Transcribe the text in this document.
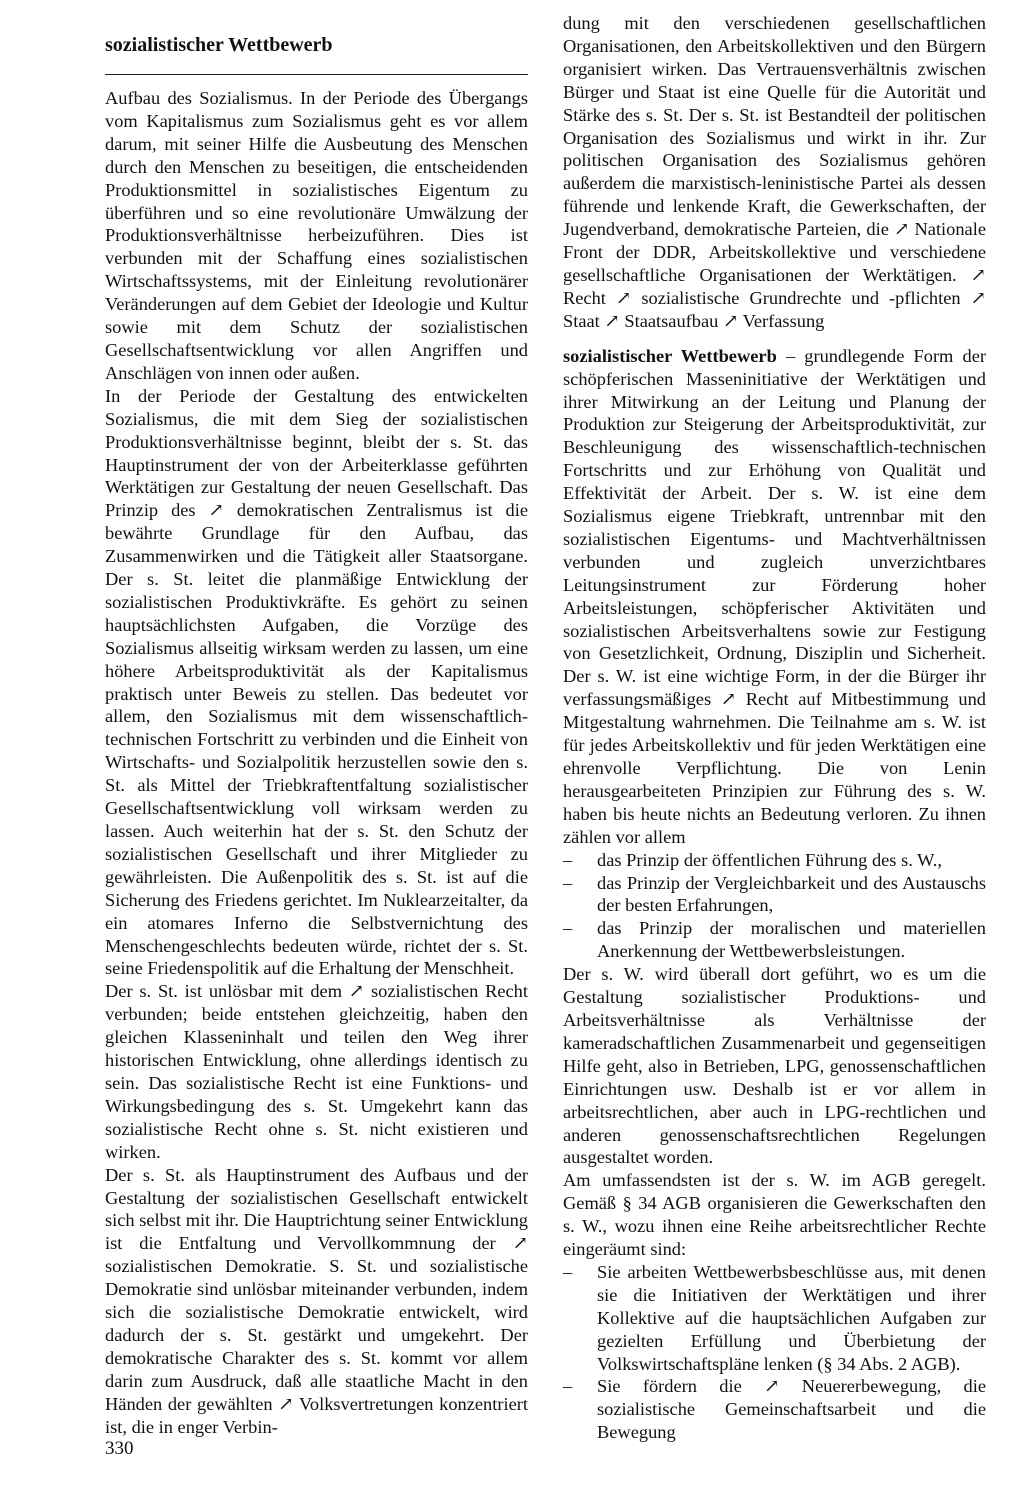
sozialistischer Wettbewerb

Aufbau des Sozialismus. In der Periode des Übergangs vom Kapitalismus zum Sozialismus geht es vor allem darum, mit seiner Hilfe die Ausbeutung des Menschen durch den Menschen zu beseitigen, die entscheidenden Produktionsmittel in sozialistisches Eigentum zu überführen und so eine revolutionäre Umwälzung der Produktionsverhältnisse herbeizuführen. Dies ist verbunden mit der Schaffung eines sozialistischen Wirtschaftssystems, mit der Einleitung revolutionärer Veränderungen auf dem Gebiet der Ideologie und Kultur sowie mit dem Schutz der sozialistischen Gesellschaftsentwicklung vor allen Angriffen und Anschlägen von innen oder außen.

In der Periode der Gestaltung des entwickelten Sozialismus, die mit dem Sieg der sozialistischen Produktionsverhältnisse beginnt, bleibt der s. St. das Hauptinstrument der von der Arbeiterklasse geführten Werktätigen zur Gestaltung der neuen Gesellschaft. Das Prinzip des ↗ demokratischen Zentralismus ist die bewährte Grundlage für den Aufbau, das Zusammenwirken und die Tätigkeit aller Staatsorgane. Der s. St. leitet die planmäßige Entwicklung der sozialistischen Produktivkräfte. Es gehört zu seinen hauptsächlichsten Aufgaben, die Vorzüge des Sozialismus allseitig wirksam werden zu lassen, um eine höhere Arbeitsproduktivität als der Kapitalismus praktisch unter Beweis zu stellen. Das bedeutet vor allem, den Sozialismus mit dem wissenschaftlich-technischen Fortschritt zu verbinden und die Einheit von Wirtschafts- und Sozialpolitik herzustellen sowie den s. St. als Mittel der Triebkraftentfaltung sozialistischer Gesellschaftsentwicklung voll wirksam werden zu lassen. Auch weiterhin hat der s. St. den Schutz der sozialistischen Gesellschaft und ihrer Mitglieder zu gewährleisten. Die Außenpolitik des s. St. ist auf die Sicherung des Friedens gerichtet. Im Nuklearzeitalter, da ein atomares Inferno die Selbstvernichtung des Menschengeschlechts bedeuten würde, richtet der s. St. seine Friedenspolitik auf die Erhaltung der Menschheit.

Der s. St. ist unlösbar mit dem ↗ sozialistischen Recht verbunden; beide entstehen gleichzeitig, haben den gleichen Klasseninhalt und teilen den Weg ihrer historischen Entwicklung, ohne allerdings identisch zu sein. Das sozialistische Recht ist eine Funktions- und Wirkungsbedingung des s. St. Umgekehrt kann das sozialistische Recht ohne s. St. nicht existieren und wirken.

Der s. St. als Hauptinstrument des Aufbaus und der Gestaltung der sozialistischen Gesellschaft entwickelt sich selbst mit ihr. Die Hauptrichtung seiner Entwicklung ist die Entfaltung und Vervollkommnung der ↗ sozialistischen Demokratie. S. St. und sozialistische Demokratie sind unlösbar miteinander verbunden, indem sich die sozialistische Demokratie entwickelt, wird dadurch der s. St. gestärkt und umgekehrt. Der demokratische Charakter des s. St. kommt vor allem darin zum Ausdruck, daß alle staatliche Macht in den Händen der gewählten ↗ Volksvertretungen konzentriert ist, die in enger Verbin-

dung mit den verschiedenen gesellschaftlichen Organisationen, den Arbeitskollektiven und den Bürgern organisiert wirken. Das Vertrauensverhältnis zwischen Bürger und Staat ist eine Quelle für die Autorität und Stärke des s. St. Der s. St. ist Bestandteil der politischen Organisation des Sozialismus und wirkt in ihr. Zur politischen Organisation des Sozialismus gehören außerdem die marxistisch-leninistische Partei als dessen führende und lenkende Kraft, die Gewerkschaften, der Jugendverband, demokratische Parteien, die ↗ Nationale Front der DDR, Arbeitskollektive und verschiedene gesellschaftliche Organisationen der Werktätigen. ↗ Recht ↗ sozialistische Grundrechte und -pflichten ↗ Staat ↗ Staatsaufbau ↗ Verfassung

sozialistischer Wettbewerb – grundlegende Form der schöpferischen Masseninitiative der Werktätigen und ihrer Mitwirkung an der Leitung und Planung der Produktion zur Steigerung der Arbeitsproduktivität, zur Beschleunigung des wissenschaftlich-technischen Fortschritts und zur Erhöhung von Qualität und Effektivität der Arbeit. Der s. W. ist eine dem Sozialismus eigene Triebkraft, untrennbar mit den sozialistischen Eigentums- und Machtverhältnissen verbunden und zugleich unverzichtbares Leitungsinstrument zur Förderung hoher Arbeitsleistungen, schöpferischer Aktivitäten und sozialistischen Arbeitsverhaltens sowie zur Festigung von Gesetzlichkeit, Ordnung, Disziplin und Sicherheit. Der s. W. ist eine wichtige Form, in der die Bürger ihr verfassungsmäßiges ↗ Recht auf Mitbestimmung und Mitgestaltung wahrnehmen. Die Teilnahme am s. W. ist für jedes Arbeitskollektiv und für jeden Werktätigen eine ehrenvolle Verpflichtung. Die von Lenin herausgearbeiteten Prinzipien zur Führung des s. W. haben bis heute nichts an Bedeutung verloren. Zu ihnen zählen vor allem

–	das Prinzip der öffentlichen Führung des s. W.,
–	das Prinzip der Vergleichbarkeit und des Austauschs der besten Erfahrungen,
–	das Prinzip der moralischen und materiellen Anerkennung der Wettbewerbsleistungen.

Der s. W. wird überall dort geführt, wo es um die Gestaltung sozialistischer Produktions- und Arbeitsverhältnisse als Verhältnisse der kameradschaftlichen Zusammenarbeit und gegenseitigen Hilfe geht, also in Betrieben, LPG, genossenschaftlichen Einrichtungen usw. Deshalb ist er vor allem in arbeitsrechtlichen, aber auch in LPG-rechtlichen und anderen genossenschaftsrechtlichen Regelungen ausgestaltet worden.

Am umfassendsten ist der s. W. im AGB geregelt. Gemäß § 34 AGB organisieren die Gewerkschaften den s. W., wozu ihnen eine Reihe arbeitsrechtlicher Rechte eingeräumt sind:

–	Sie arbeiten Wettbewerbsbeschlüsse aus, mit denen sie die Initiativen der Werktätigen und ihrer Kollektive auf die hauptsächlichen Aufgaben zur gezielten Erfüllung und Überbietung der Volkswirtschaftspläne lenken (§ 34 Abs. 2 AGB).
–	Sie fördern die ↗ Neuererbewegung, die sozialistische Gemeinschaftsarbeit und die Bewegung
330
